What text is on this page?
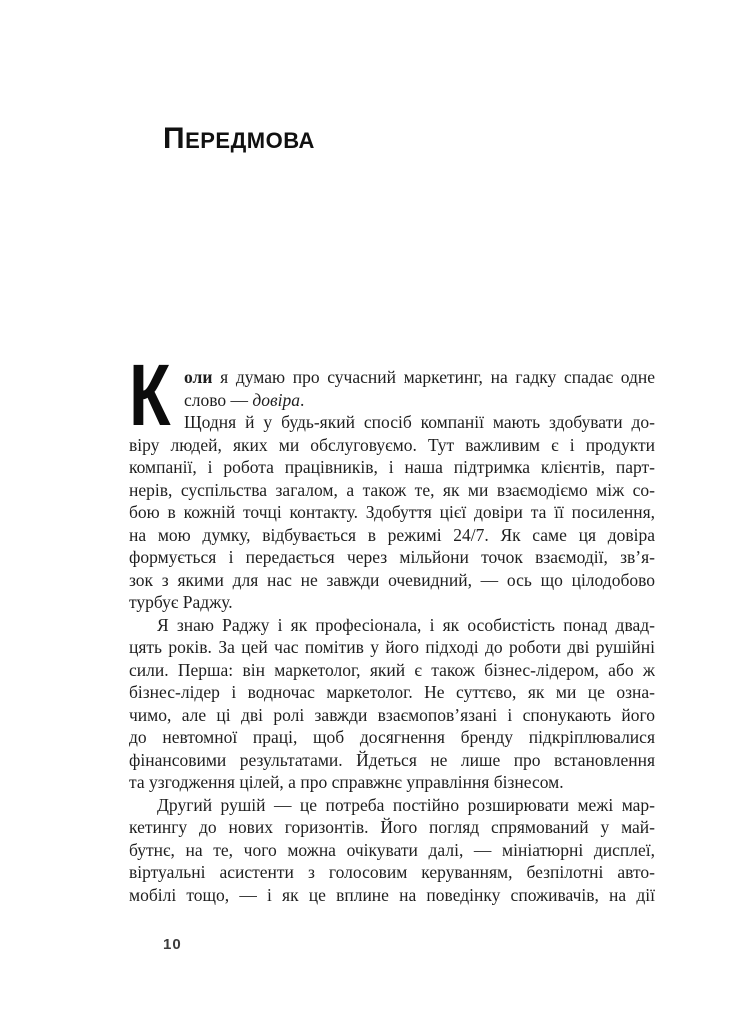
ПЕРЕДМОВА
К оли я думаю про сучасний маркетинг, на гадку спадає одне
слово — довіра.
Щодня й у будь-який спосіб компанії мають здобувати до-
віру людей, яких ми обслуговуємо. Тут важливим є і продукти
компанії, і робота працівників, і наша підтримка клієнтів, парт-
нерів, суспільства загалом, а також те, як ми взаємодіємо між со-
бою в кожній точці контакту. Здобуття цієї довіри та її посилення,
на мою думку, відбувається в режимі 24/7. Як саме ця довіра
формується і передається через мільйони точок взаємодії, зв’я-
зок з якими для нас не завжди очевидний, — ось що цілодобово
турбує Раджу.
Я знаю Раджу і як професіонала, і як особистість понад двад-
цять років. За цей час помітив у його підході до роботи дві рушійні
сили. Перша: він маркетолог, який є також бізнес-лідером, або ж
бізнес-лідер і водночас маркетолог. Не суттєво, як ми це озна-
чимо, але ці дві ролі завжди взаємопов’язані і спонукають його
до невтомної праці, щоб досягнення бренду підкріплювалися
фінансовими результатами. Йдеться не лише про встановлення
та узгодження цілей, а про справжнє управління бізнесом.
Другий рушій — це потреба постійно розширювати межі мар-
кетингу до нових горизонтів. Його погляд спрямований у май-
бутнє, на те, чого можна очікувати далі, — мініатюрні дисплеї,
віртуальні асистенти з голосовим керуванням, безпілотні авто-
мобілі тощо, — і як це вплине на поведінку споживачів, на дії
10
